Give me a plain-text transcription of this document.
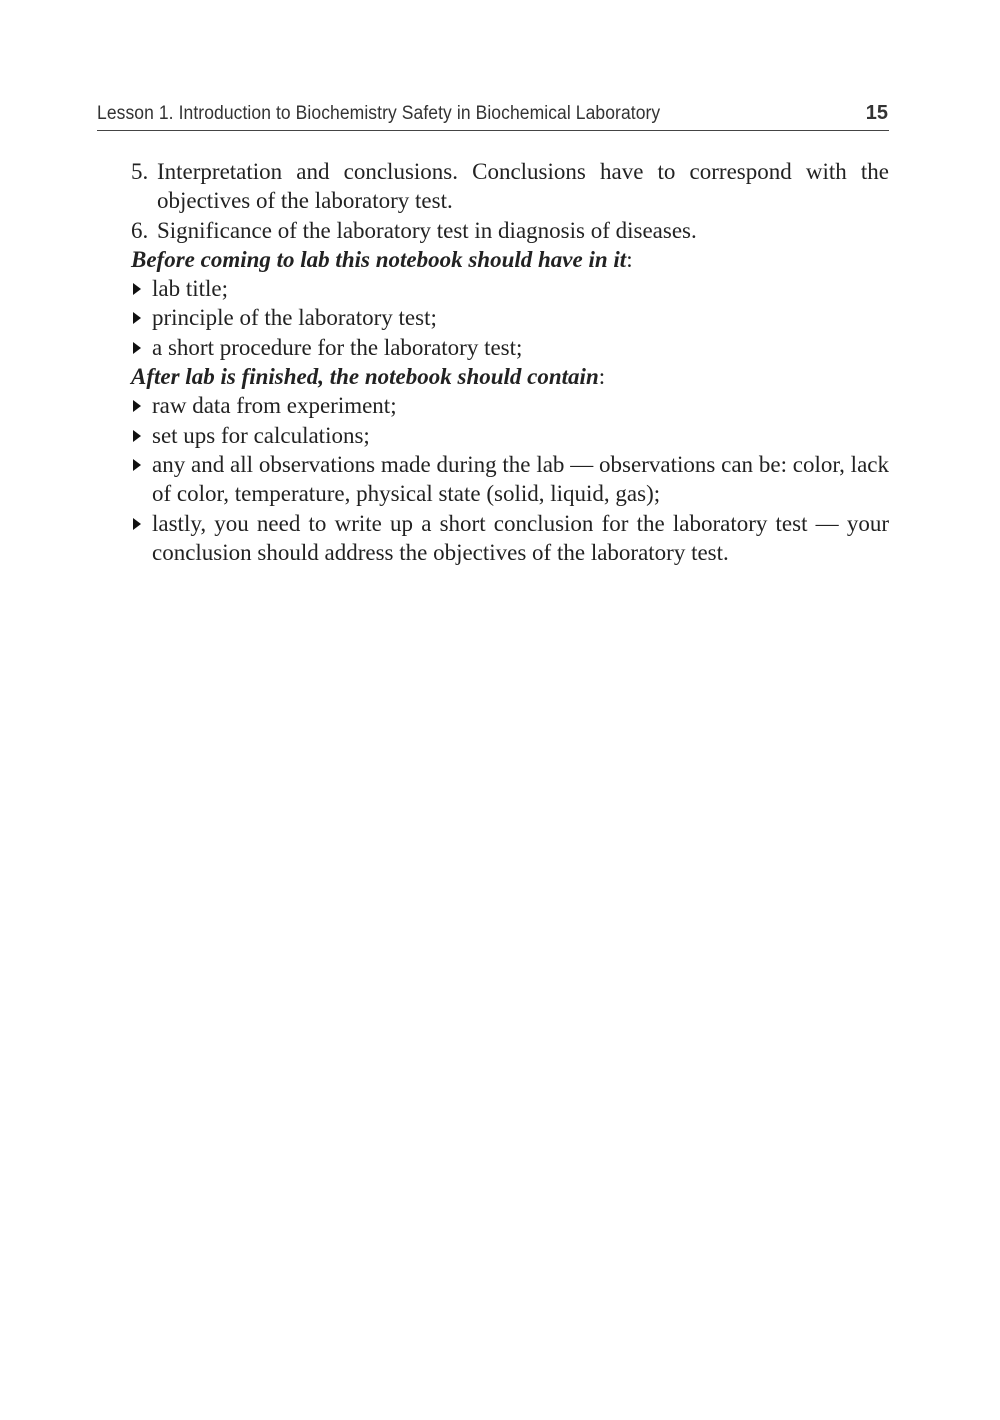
Lesson 1. Introduction to Biochemistry Safety in Biochemical Laboratory	15
5. Interpretation and conclusions. Conclusions have to correspond with the objectives of the laboratory test.
6. Significance of the laboratory test in diagnosis of diseases.
Before coming to lab this notebook should have in it:
lab title;
principle of the laboratory test;
a short procedure for the laboratory test;
After lab is finished, the notebook should contain:
raw data from experiment;
set ups for calculations;
any and all observations made during the lab — observations can be: color, lack of color, temperature, physical state (solid, liquid, gas);
lastly, you need to write up a short conclusion for the laboratory test — your conclusion should address the objectives of the laboratory test.
